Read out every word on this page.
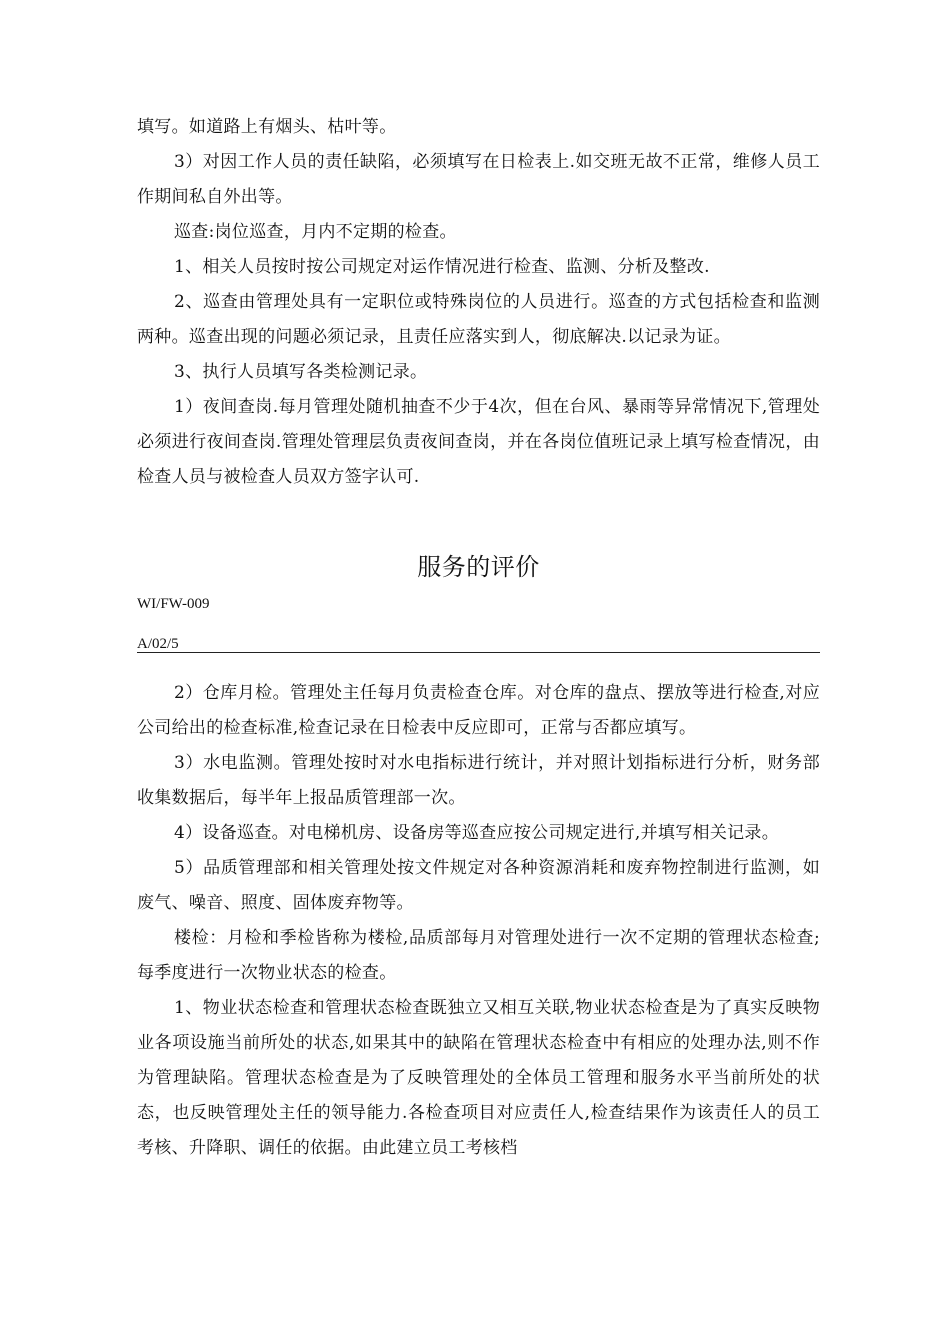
填写。如道路上有烟头、枯叶等。

3）对因工作人员的责任缺陷，必须填写在日检表上.如交班无故不正常，维修人员工作期间私自外出等。

巡查:岗位巡查，月内不定期的检查。

1、相关人员按时按公司规定对运作情况进行检查、监测、分析及整改.

2、巡查由管理处具有一定职位或特殊岗位的人员进行。巡查的方式包括检查和监测两种。巡查出现的问题必须记录，且责任应落实到人，彻底解决.以记录为证。

3、执行人员填写各类检测记录。

1）夜间查岗.每月管理处随机抽查不少于4次，但在台风、暴雨等异常情况下,管理处必须进行夜间查岗.管理处管理层负责夜间查岗，并在各岗位值班记录上填写检查情况，由检查人员与被检查人员双方签字认可.

服务的评价

WI/FW-009

A/02/5

2）仓库月检。管理处主任每月负责检查仓库。对仓库的盘点、摆放等进行检查,对应公司给出的检查标准,检查记录在日检表中反应即可，正常与否都应填写。

3）水电监测。管理处按时对水电指标进行统计，并对照计划指标进行分析，财务部收集数据后，每半年上报品质管理部一次。

4）设备巡查。对电梯机房、设备房等巡查应按公司规定进行,并填写相关记录。

5）品质管理部和相关管理处按文件规定对各种资源消耗和废弃物控制进行监测，如废气、噪音、照度、固体废弃物等。

楼检：月检和季检皆称为楼检,品质部每月对管理处进行一次不定期的管理状态检查;每季度进行一次物业状态的检查。

1、物业状态检查和管理状态检查既独立又相互关联,物业状态检查是为了真实反映物业各项设施当前所处的状态,如果其中的缺陷在管理状态检查中有相应的处理办法,则不作为管理缺陷。管理状态检查是为了反映管理处的全体员工管理和服务水平当前所处的状态，也反映管理处主任的领导能力.各检查项目对应责任人,检查结果作为该责任人的员工考核、升降职、调任的依据。由此建立员工考核档
